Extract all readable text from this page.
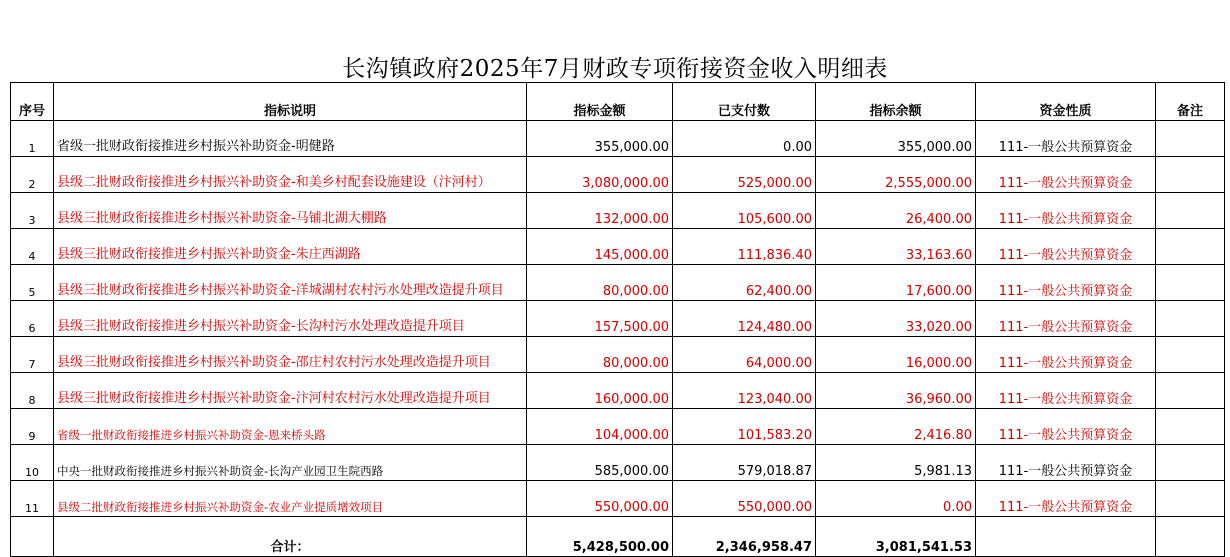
长沟镇政府2025年7月财政专项衔接资金收入明细表
序号	指标说明	指标金额	已支付数	指标余额	资金性质	备注
1	省级一批财政衔接推进乡村振兴补助资金-明健路	355,000.00	0.00	355,000.00	111-一般公共预算资金	
2	县级二批财政衔接推进乡村振兴补助资金-和美乡村配套设施建设（汴河村）	3,080,000.00	525,000.00	2,555,000.00	111-一般公共预算资金	
3	县级三批财政衔接推进乡村振兴补助资金-马铺北湖大棚路	132,000.00	105,600.00	26,400.00	111-一般公共预算资金	
4	县级三批财政衔接推进乡村振兴补助资金-朱庄西湖路	145,000.00	111,836.40	33,163.60	111-一般公共预算资金	
5	县级三批财政衔接推进乡村振兴补助资金-洋城湖村农村污水处理改造提升项目	80,000.00	62,400.00	17,600.00	111-一般公共预算资金	
6	县级三批财政衔接推进乡村振兴补助资金-长沟村污水处理改造提升项目	157,500.00	124,480.00	33,020.00	111-一般公共预算资金	
7	县级三批财政衔接推进乡村振兴补助资金-邵庄村农村污水处理改造提升项目	80,000.00	64,000.00	16,000.00	111-一般公共预算资金	
8	县级三批财政衔接推进乡村振兴补助资金-汴河村农村污水处理改造提升项目	160,000.00	123,040.00	36,960.00	111-一般公共预算资金	
9	省级一批财政衔接推进乡村振兴补助资金-恩来桥头路	104,000.00	101,583.20	2,416.80	111-一般公共预算资金	
10	中央一批财政衔接推进乡村振兴补助资金-长沟产业园卫生院西路	585,000.00	579,018.87	5,981.13	111-一般公共预算资金	
11	县级二批财政衔接推进乡村振兴补助资金-农业产业提质增效项目	550,000.00	550,000.00	0.00	111-一般公共预算资金	
	合计：	5,428,500.00	2,346,958.47	3,081,541.53		
